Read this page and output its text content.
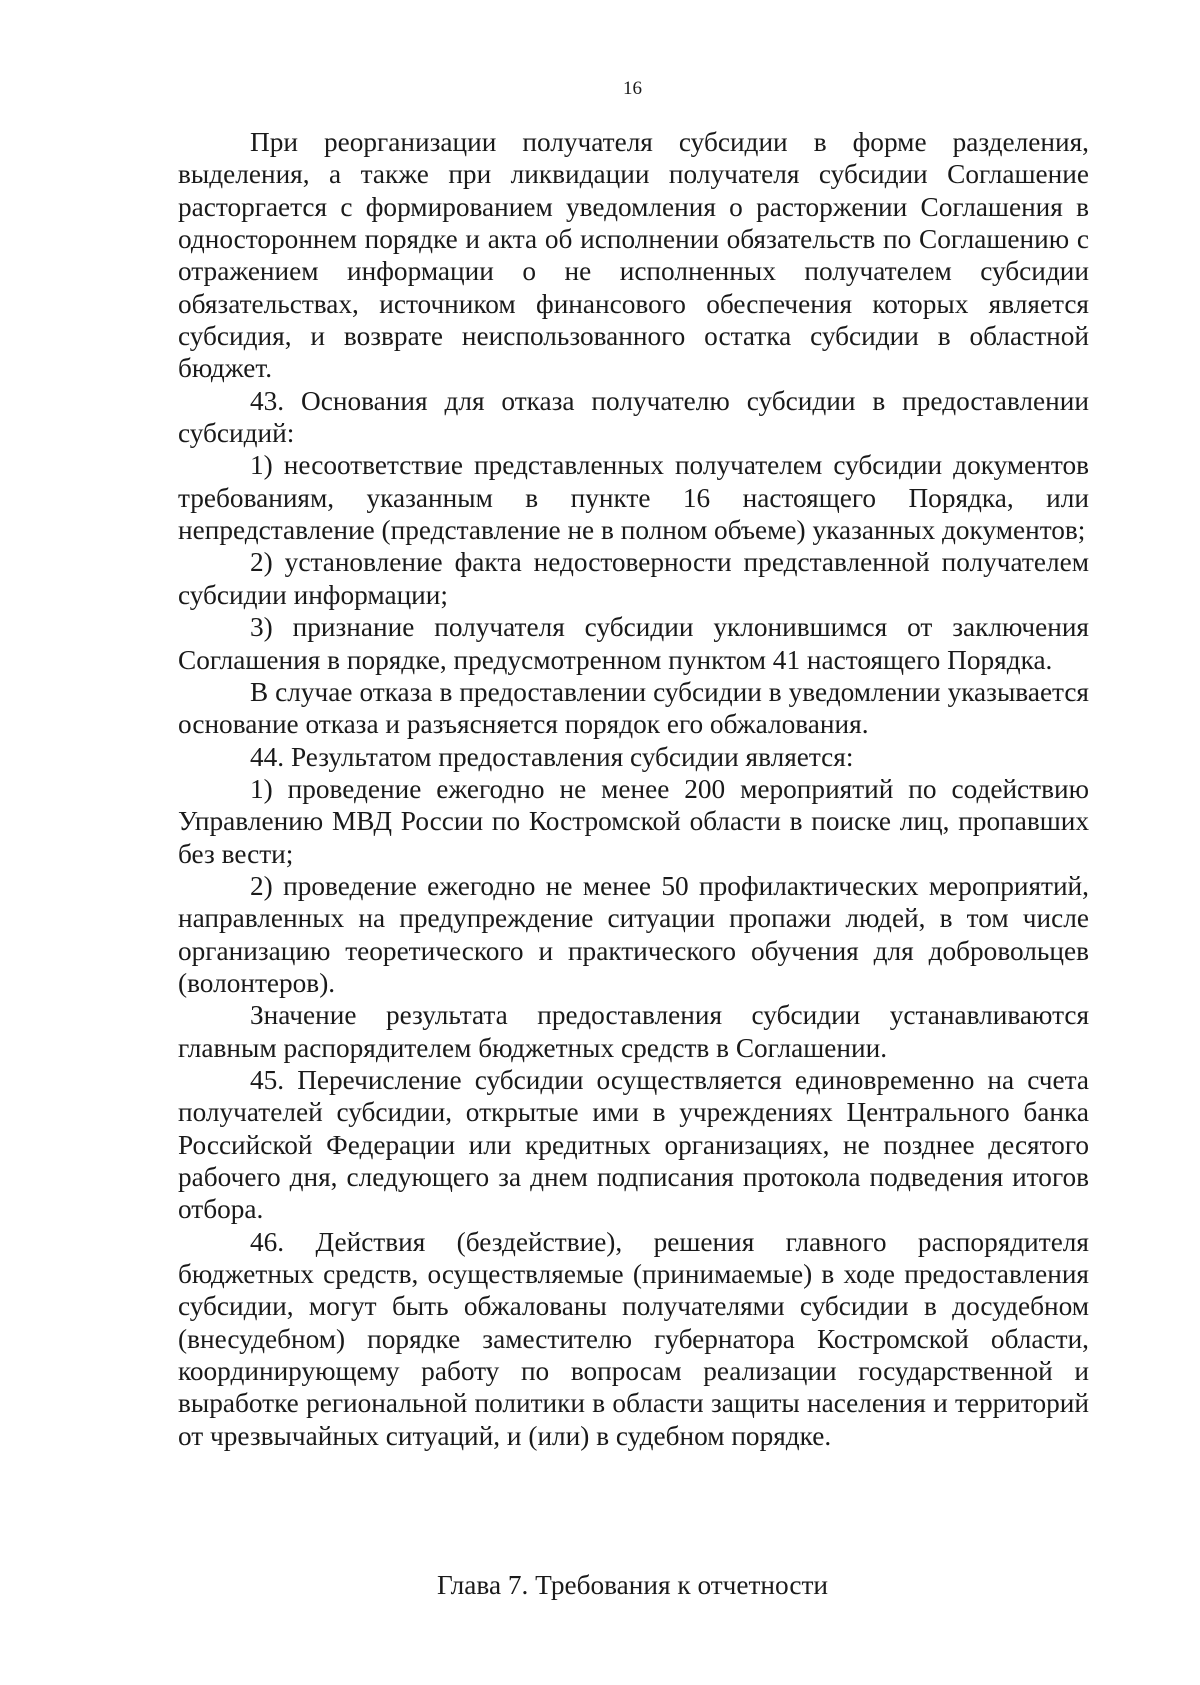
16

При реорганизации получателя субсидии в форме разделения, выделения, а также при ликвидации получателя субсидии Соглашение расторгается с формированием уведомления о расторжении Соглашения в одностороннем порядке и акта об исполнении обязательств по Соглашению с отражением информации о не исполненных получателем субсидии обязательствах, источником финансового обеспечения которых является субсидия, и возврате неиспользованного остатка субсидии в областной бюджет.

43. Основания для отказа получателю субсидии в предоставлении субсидий:

1) несоответствие представленных получателем субсидии документов требованиям, указанным в пункте 16 настоящего Порядка, или непредставление (представление не в полном объеме) указанных документов;

2) установление факта недостоверности представленной получателем субсидии информации;

3) признание получателя субсидии уклонившимся от заключения Соглашения в порядке, предусмотренном пунктом 41 настоящего Порядка.

В случае отказа в предоставлении субсидии в уведомлении указывается основание отказа и разъясняется порядок его обжалования.

44. Результатом предоставления субсидии является:

1) проведение ежегодно не менее 200 мероприятий по содействию Управлению МВД России по Костромской области в поиске лиц, пропавших без вести;

2) проведение ежегодно не менее 50 профилактических мероприятий, направленных на предупреждение ситуации пропажи людей, в том числе организацию теоретического и практического обучения для добровольцев (волонтеров).

Значение результата предоставления субсидии устанавливаются главным распорядителем бюджетных средств в Соглашении.

45. Перечисление субсидии осуществляется единовременно на счета получателей субсидии, открытые ими в учреждениях Центрального банка Российской Федерации или кредитных организациях, не позднее десятого рабочего дня, следующего за днем подписания протокола подведения итогов отбора.

46. Действия (бездействие), решения главного распорядителя бюджетных средств, осуществляемые (принимаемые) в ходе предоставления субсидии, могут быть обжалованы получателями субсидии в досудебном (внесудебном) порядке заместителю губернатора Костромской области, координирующему работу по вопросам реализации государственной и выработке региональной политики в области защиты населения и территорий от чрезвычайных ситуаций, и (или) в судебном порядке.

Глава 7. Требования к отчетности
